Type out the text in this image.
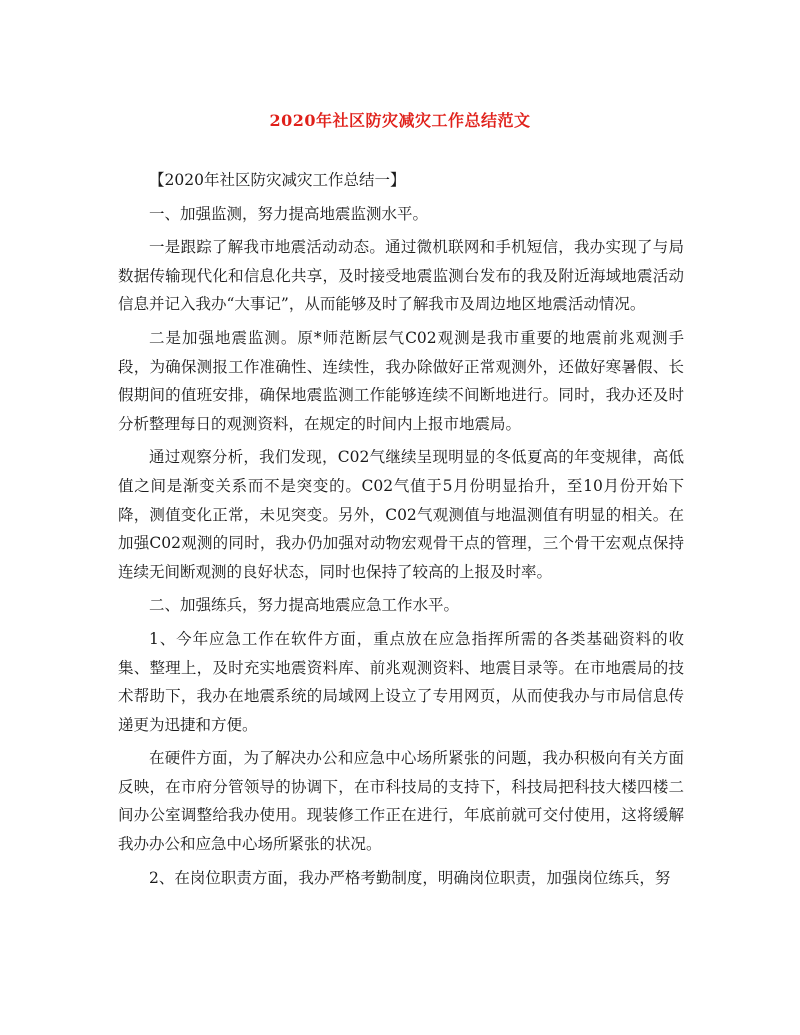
2020年社区防灾减灾工作总结范文

【2020年社区防灾减灾工作总结一】

一、加强监测，努力提高地震监测水平。

一是跟踪了解我市地震活动动态。通过微机联网和手机短信，我办实现了与局数据传输现代化和信息化共享，及时接受地震监测台发布的我及附近海域地震活动信息并记入我办“大事记”，从而能够及时了解我市及周边地区地震活动情况。

二是加强地震监测。原*师范断层气C02观测是我市重要的地震前兆观测手段，为确保测报工作准确性、连续性，我办除做好正常观测外，还做好寒暑假、长假期间的值班安排，确保地震监测工作能够连续不间断地进行。同时，我办还及时分析整理每日的观测资料，在规定的时间内上报市地震局。

通过观察分析，我们发现，C02气继续呈现明显的冬低夏高的年变规律，高低值之间是渐变关系而不是突变的。C02气值于5月份明显抬升，至10月份开始下降，测值变化正常，未见突变。另外，C02气观测值与地温测值有明显的相关。在加强C02观测的同时，我办仍加强对动物宏观骨干点的管理，三个骨干宏观点保持连续无间断观测的良好状态，同时也保持了较高的上报及时率。

二、加强练兵，努力提高地震应急工作水平。

1、今年应急工作在软件方面，重点放在应急指挥所需的各类基础资料的收集、整理上，及时充实地震资料库、前兆观测资料、地震目录等。在市地震局的技术帮助下，我办在地震系统的局域网上设立了专用网页，从而使我办与市局信息传递更为迅捷和方便。

在硬件方面，为了解决办公和应急中心场所紧张的问题，我办积极向有关方面反映，在市府分管领导的协调下，在市科技局的支持下，科技局把科技大楼四楼二间办公室调整给我办使用。现装修工作正在进行，年底前就可交付使用，这将缓解我办办公和应急中心场所紧张的状况。

2、在岗位职责方面，我办严格考勤制度，明确岗位职责，加强岗位练兵，努
